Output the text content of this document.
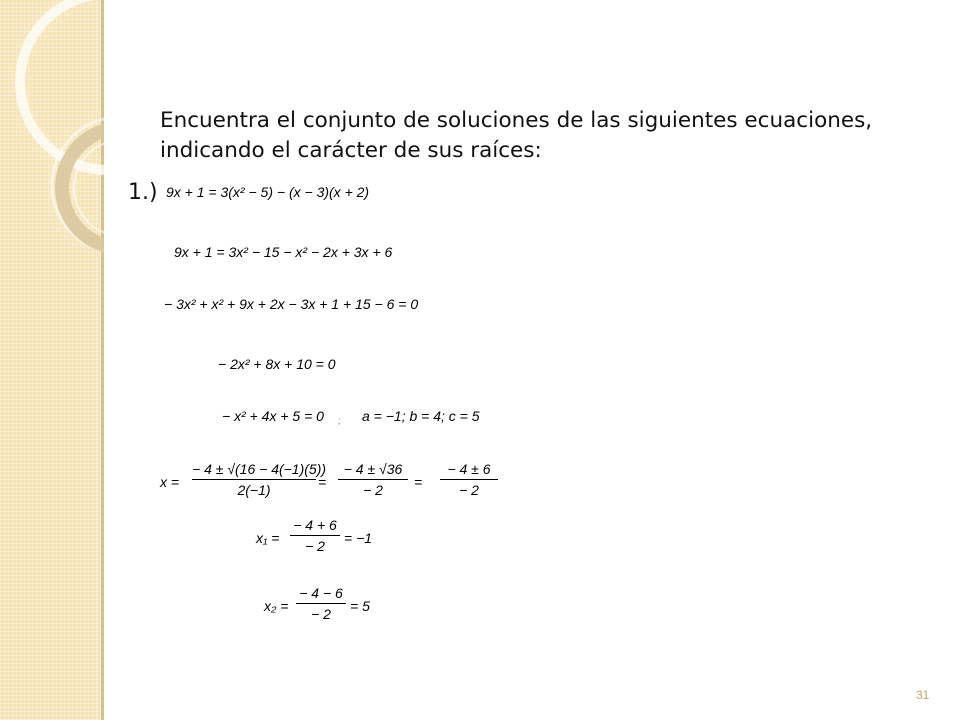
Encuentra el conjunto de soluciones de las siguientes ecuaciones, indicando el carácter de sus raíces:
1.) 9x + 1 = 3(x² − 5) − (x − 3)(x + 2)
9x + 1 = 3x² − 15 − x² − 2x + 3x + 6
− 3x² + x² + 9x + 2x − 3x + 1 + 15 − 6 = 0
− 2x² + 8x + 10 = 0
− x² + 4x + 5 = 0 ; a = −1; b = 4; c = 5
x =
− 4 ± √(16 − 4(−1)(5))
2(−1)	=
− 4 ± √36
− 2	=
− 4 ± 6
− 2
x₁ =
− 4 + 6
− 2	= −1
x₂ =
− 4 − 6
− 2	= 5
31
